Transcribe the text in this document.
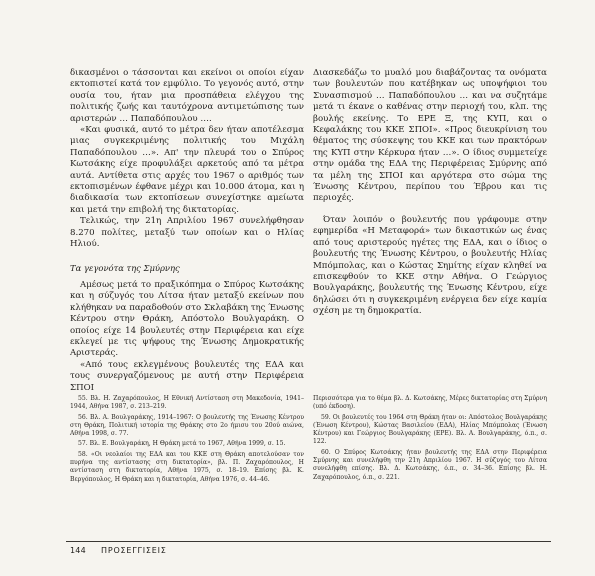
δικασμένοι ο τάσσονται και εκείνοι οι οποίοι είχαν εκτοπιστεί κατά τον εμφύλιο. Το γεγονός αυτό, στην ουσία του, ήταν μια προσπάθεια ελέγχου της πολιτικής ζωής και ταυτόχρονα αντιμετώπισης των αριστερών … Παπαδόπουλου ….

«Και φυσικά, αυτό το μέτρα δεν ήταν αποτέλεσμα μιας συγκεκριμένης πολιτικής του Μιχάλη Παπαδόπουλου …». Απ' την πλευρά του ο Σπύρος Κωτσάκης είχε προφυλάξει αρκετούς από τα μέτρα αυτά. Αντίθετα στις αρχές του 1967 ο αριθμός των εκτοπισμένων έφθανε μέχρι και 10.000 άτομα, και η διαδικασία των εκτοπίσεων συνεχίστηκε αμείωτα και μετά την επιβολή της δικτατορίας.

Τελικώς, την 21η Απριλίου 1967 συνελήφθησαν 8.270 πολίτες, μεταξύ των οποίων και ο Ηλίας Ηλιού.

Τα γεγονότα της Σμύρνης

Αμέσως μετά το πραξικόπημα ο Σπύρος Κωτσάκης και η σύζυγός του Λίτσα ήταν μεταξύ εκείνων που κλήθηκαν να παραδοθούν στο Σκλαβάκη της Ένωσης Κέντρου στην Θράκη, Απόστολο Βουλγαράκη. Ο οποίος είχε 14 βουλευτές στην Περιφέρεια και είχε εκλεγεί με τις ψήφους της Ένωσης Δημοκρατικής Αριστεράς.

«Από τους εκλεγμένους βουλευτές της ΕΔΑ και τους συνεργαζόμενους με αυτή στην Περιφέρεια ΣΠΟΙ

Διασκεδάζω το μυαλό μου διαβάζοντας τα ονόματα των βουλευτών που κατέβηκαν ως υποψήφιοι του Συνασπισμού … Παπαδόπουλου … και να συζητάμε μετά τι έκανε ο καθένας στην περιοχή του, κλπ. της βουλής εκείνης. Το ΕΡΕ Ξ, της ΚΥΠ, και ο Κεφαλάκης του ΚΚΕ ΣΠΟΙ». «Προς διευκρίνιση του θέματος της σύσκεψης του ΚΚΕ και των πρακτόρων της ΚΥΠ στην Κέρκυρα ήταν …». Ο ίδιος συμμετείχε στην ομάδα της ΕΔΑ της Περιφέρειας Σμύρνης από τα μέλη της ΣΠΟΙ και αργότερα στο σώμα της Ένωσης Κέντρου, περίπου του Έβρου και τις περιοχές.

Όταν λοιπόν ο βουλευτής που γράφουμε στην εφημερίδα «Η Μεταφορά» των δικαστικών ως ένας από τους αριστερούς ηγέτες της ΕΔΑ, και ο ίδιος ο βουλευτής της Ένωσης Κέντρου, ο βουλευτής Ηλίας Μπόμπολας, και ο Κώστας Σημίτης είχαν κληθεί να επισκεφθούν το ΚΚΕ στην Αθήνα. Ο Γεώργιος Βουλγαράκης, βουλευτής της Ένωσης Κέντρου, είχε δηλώσει ότι η συγκεκριμένη ενέργεια δεν είχε καμία σχέση με τη δημοκρατία.

55. Βλ. Η. Ζαχαρόπουλος, Η Εθνική Αντίσταση στη Μακεδονία, 1941–1944, Αθήνα 1987, σ. 213–219.

56. Βλ. Α. Βουλγαράκης, 1914–1967: Ο βουλευτής της Ένωσης Κέντρου στη Θράκη, Πολιτική ιστορία της Θράκης στο 2ο ήμισυ του 20ού αιώνα, Αθήνα 1998, σ. 77.

57. Βλ. Ε. Βουλγαράκη, Η Θράκη μετά το 1967, Αθήνα 1999, σ. 15.

58. «Οι νεολαίοι της ΕΔΑ και του ΚΚΕ στη Θράκη αποτελούσαν τον πυρήνα της αντίστασης στη δικτατορία», βλ. Π. Ζαχαρόπουλος, Η αντίσταση στη δικτατορία, Αθήνα 1975, σ. 18–19. Επίσης βλ. Κ. Βεργόπουλος, Η Θράκη και η δικτατορία, Αθήνα 1976, σ. 44–46.

Περισσότερα για το θέμα βλ. Δ. Κωτσάκης, Μέρες δικτατορίας στη Σμύρνη (υπό έκδοση).

59. Οι βουλευτές του 1964 στη Θράκη ήταν οι: Απόστολος Βουλγαράκης (Ένωση Κέντρου), Κώστας Βασιλείου (ΕΔΑ), Ηλίας Μπόμπολας (Ένωση Κέντρου) και Γεώργιος Βουλγαράκης (ΕΡΕ). Βλ. Α. Βουλγαράκης, ό.π., σ. 122.

60. Ο Σπύρος Κωτσάκης ήταν βουλευτής της ΕΔΑ στην Περιφέρεια Σμύρνης και συνελήφθη την 21η Απριλίου 1967. Η σύζυγός του Λίτσα συνελήφθη επίσης. Βλ. Δ. Κωτσάκης, ό.π., σ. 34–36. Επίσης βλ. Η. Ζαχαρόπουλος, ό.π., σ. 221.

144 ΠΡΟΣΕΓΓΙΣΕΙΣ
